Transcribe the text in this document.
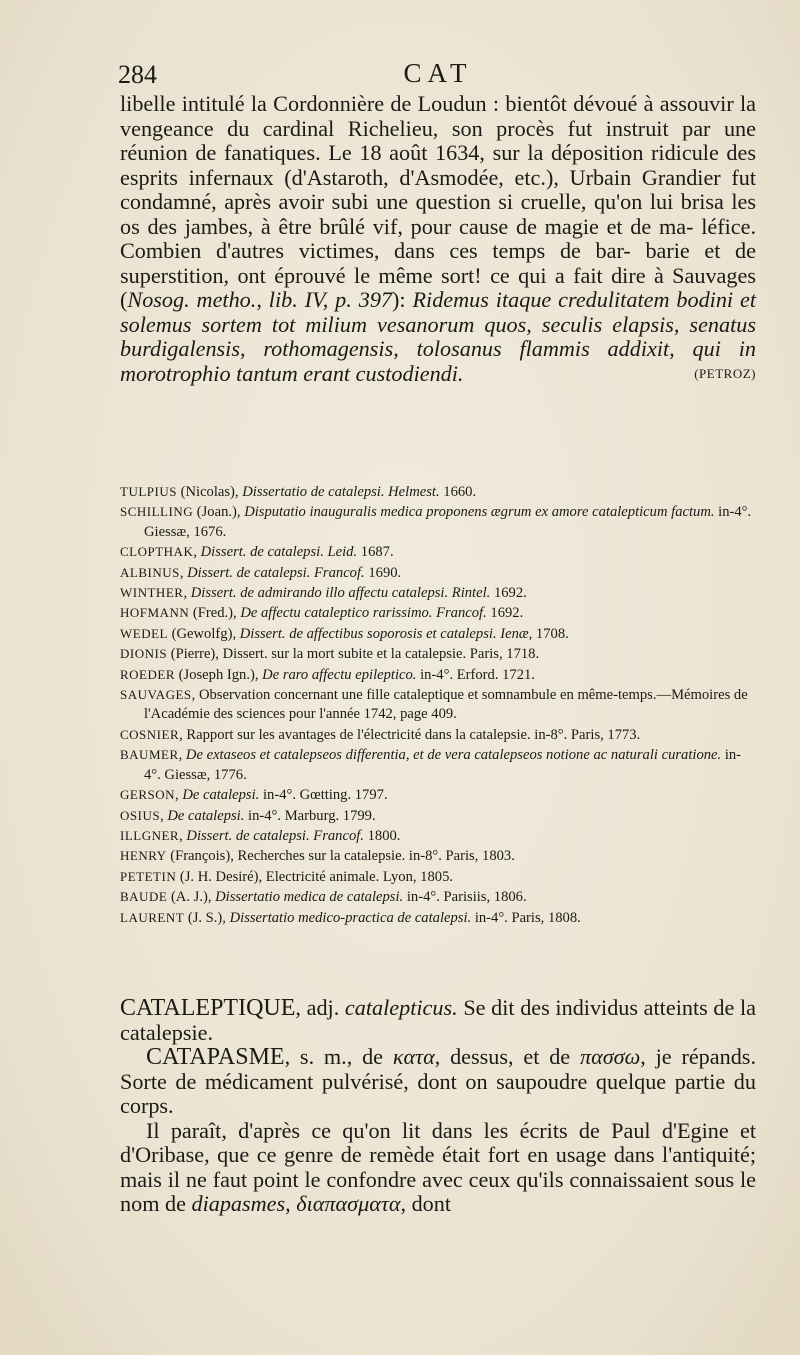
284	CAT

libelle intitulé la Cordonnière de Loudun : bientôt dévoué à assouvir la vengeance du cardinal Richelieu, son procès fut instruit par une réunion de fanatiques. Le 18 août 1634, sur la déposition ridicule des esprits infernaux (d'Astaroth, d'Asmodée, etc.), Urbain Grandier fut condamné, après avoir subi une question si cruelle, qu'on lui brisa les os des jambes, à être brûlé vif, pour cause de magie et de ma- léfice. Combien d'autres victimes, dans ces temps de bar- barie et de superstition, ont éprouvé le même sort! ce qui a fait dire à Sauvages (Nosog. metho., lib. IV, p. 397): Ridemus itaque credulitatem bodini et solemus sortem tot milium vesanorum quos, seculis elapsis, senatus burdigalensis, rothomagensis, tolosanus flammis addixit, qui in morotrophio tantum erant custodiendi.	(PETROZ)

TULPIUS (Nicolas), Dissertatio de catalepsi. Helmest. 1660.

SCHILLING (Joan.), Disputatio inauguralis medica proponens ægrum ex amore catalepticum factum. in-4°. Giessæ, 1676.

CLOPTHAK, Dissert. de catalepsi. Leid. 1687.

ALBINUS, Dissert. de catalepsi. Francof. 1690.

WINTHER, Dissert. de admirando illo affectu catalepsi. Rintel. 1692.

HOFMANN (Fred.), De affectu cataleptico rarissimo. Francof. 1692.

WEDEL (Gewolfg), Dissert. de affectibus soporosis et catalepsi. Ienæ, 1708.

DIONIS (Pierre), Dissert. sur la mort subite et la catalepsie. Paris, 1718.

ROEDER (Joseph Ign.), De raro affectu epileptico. in-4°. Erford. 1721.

SAUVAGES, Observation concernant une fille cataleptique et somnambule en même-temps.—Mémoires de l'Académie des sciences pour l'année 1742, page 409.

COSNIER, Rapport sur les avantages de l'électricité dans la catalepsie. in-8°. Paris, 1773.

BAUMER, De extaseos et catalepseos differentia, et de vera catalepseos notione ac naturali curatione. in-4°. Giessæ, 1776.

GERSON, De catalepsi. in-4°. Gœtting. 1797.

OSIUS, De catalepsi. in-4°. Marburg. 1799.

ILLGNER, Dissert. de catalepsi. Francof. 1800.

HENRY (François), Recherches sur la catalepsie. in-8°. Paris, 1803.

PETETIN (J. H. Desiré), Electricité animale. Lyon, 1805.

BAUDE (A. J.), Dissertatio medica de catalepsi. in-4°. Parisiis, 1806.

LAURENT (J. S.), Dissertatio medico-practica de catalepsi. in-4°. Paris, 1808.

CATALEPTIQUE, adj. catalepticus. Se dit des individus atteints de la catalepsie.

CATAPASME, s. m., de κατα, dessus, et de πασσω, je répands. Sorte de médicament pulvérisé, dont on saupoudre quelque partie du corps.

Il paraît, d'après ce qu'on lit dans les écrits de Paul d'Egine et d'Oribase, que ce genre de remède était fort en usage dans l'antiquité; mais il ne faut point le confondre avec ceux qu'ils connaissaient sous le nom de diapasmes, διαπασματα, dont
